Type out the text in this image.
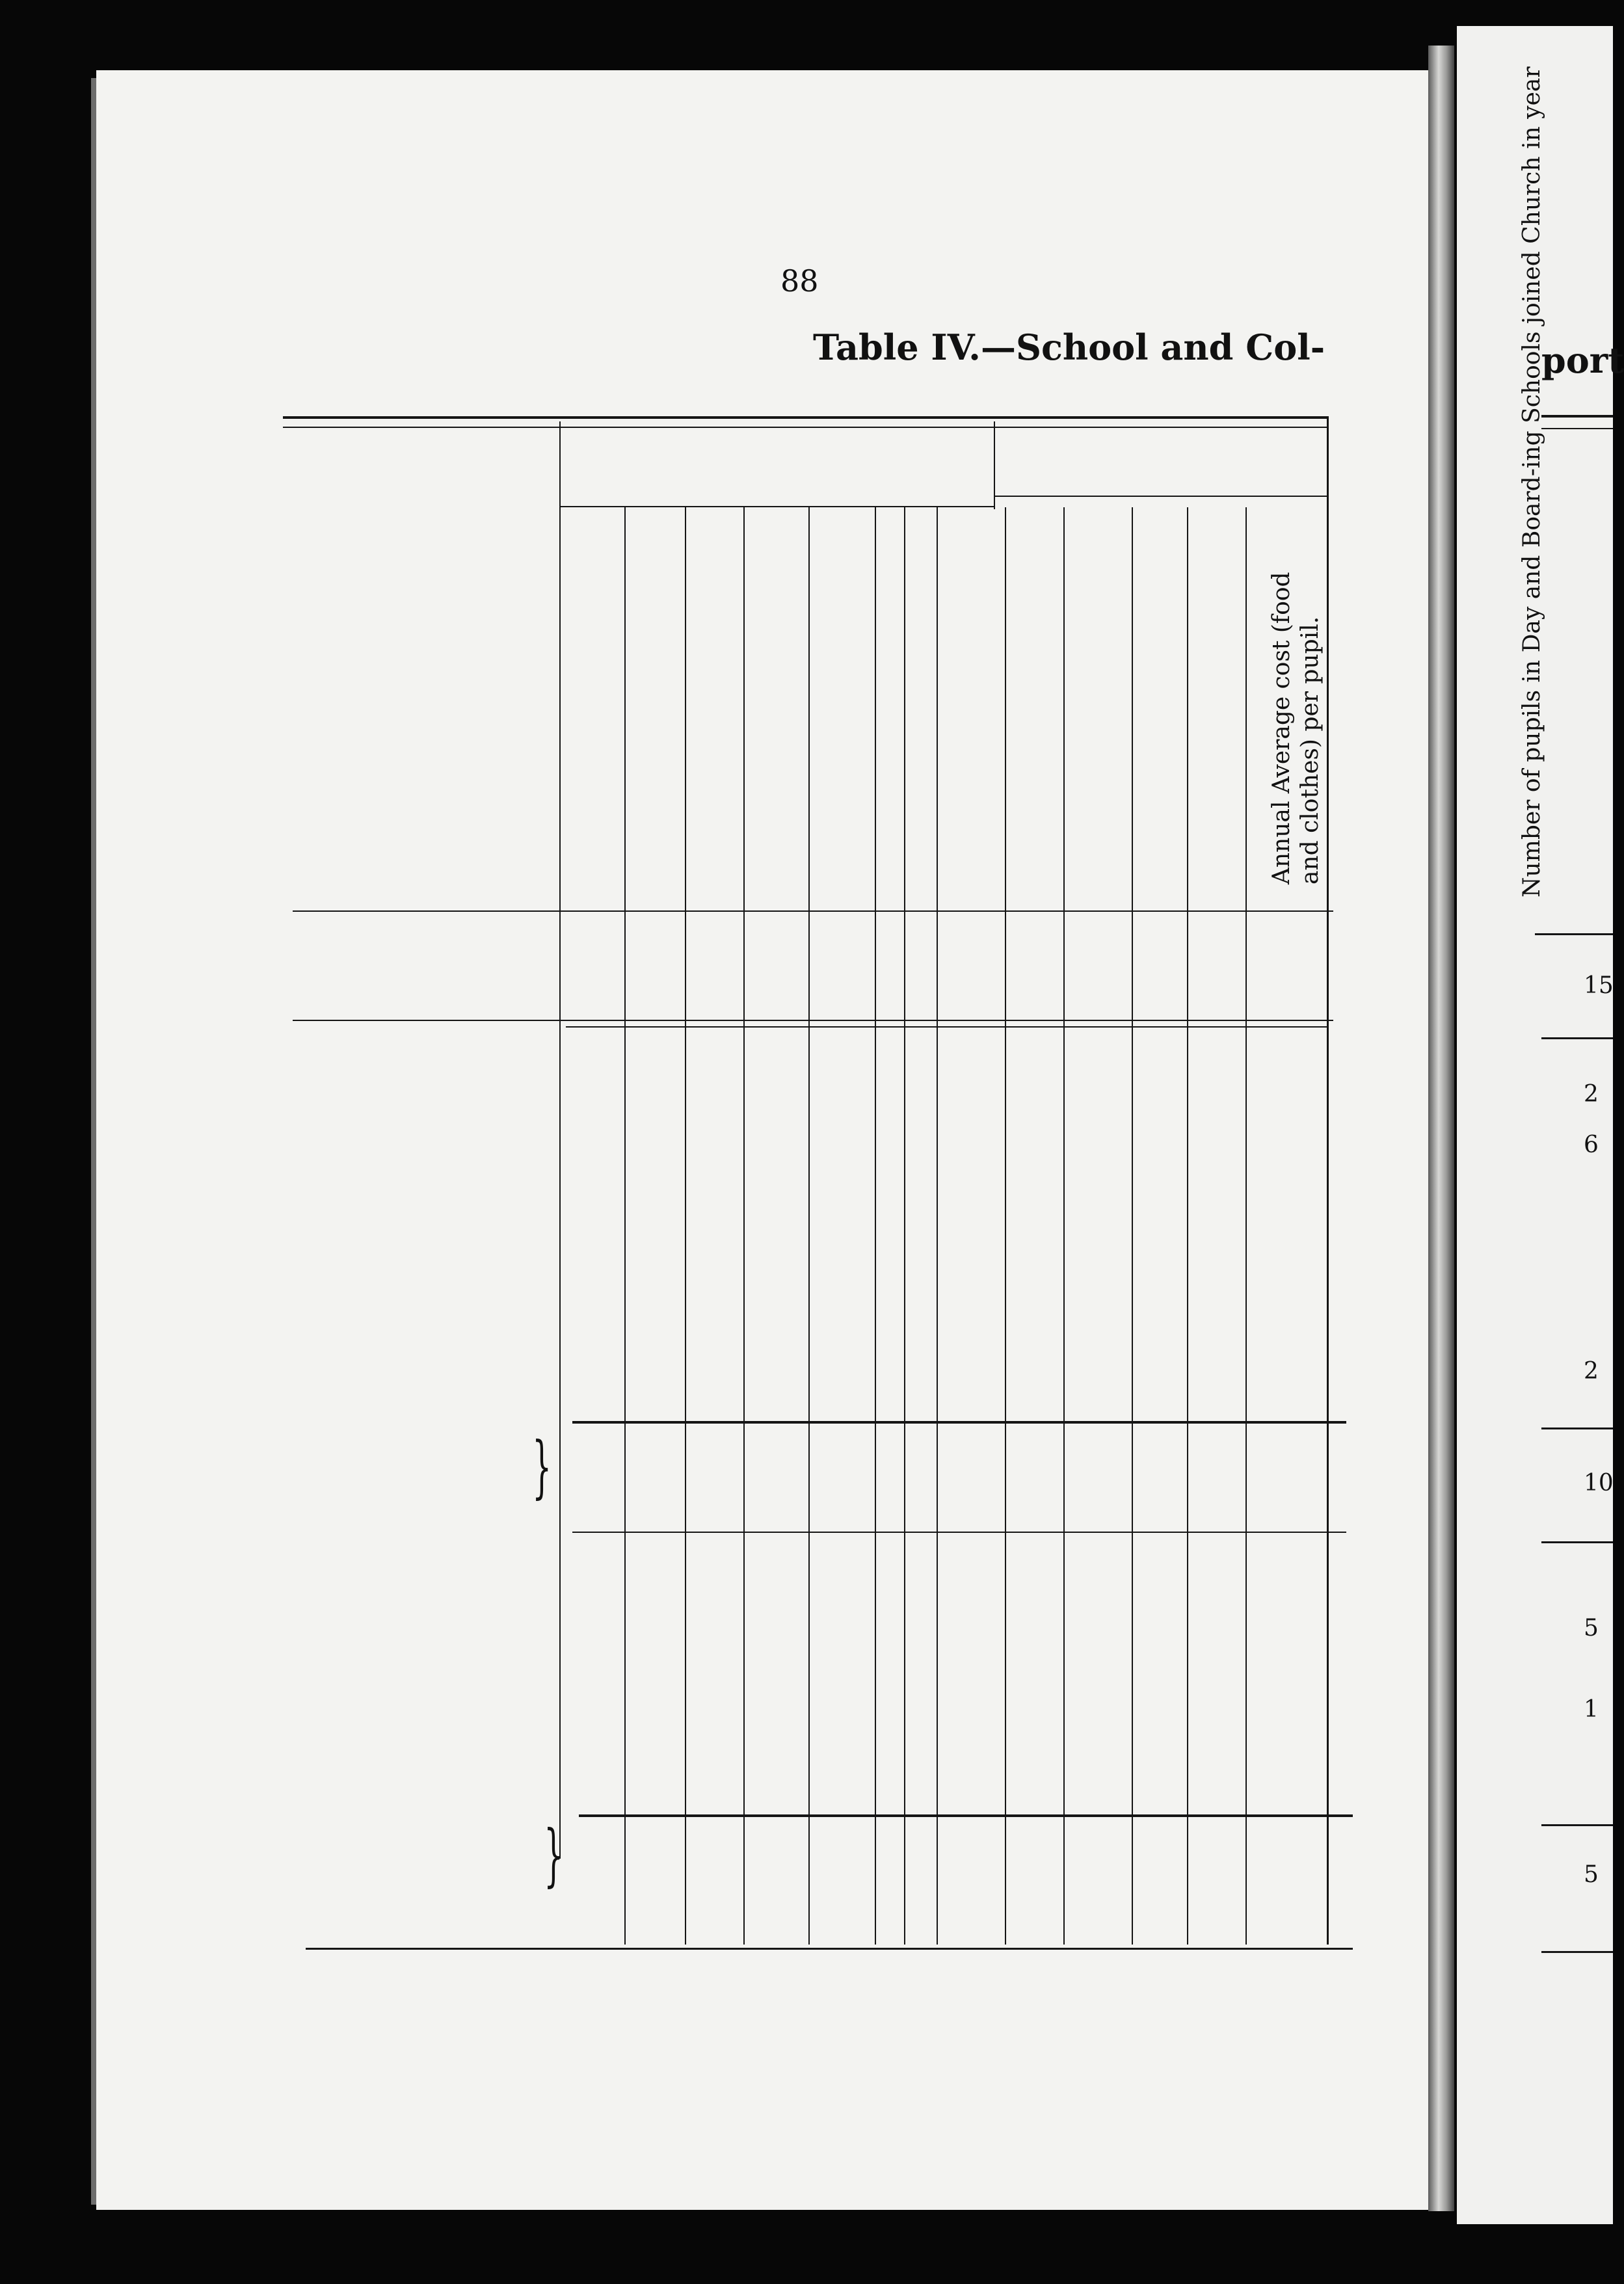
port
Number of pupils in Day and Board-ing Schools joined Church in year
15
2
6
2
10
5
1
5
88
Table IV.—School and Col-
Annual Average cost (food and clothes) per pupil.
}
}
